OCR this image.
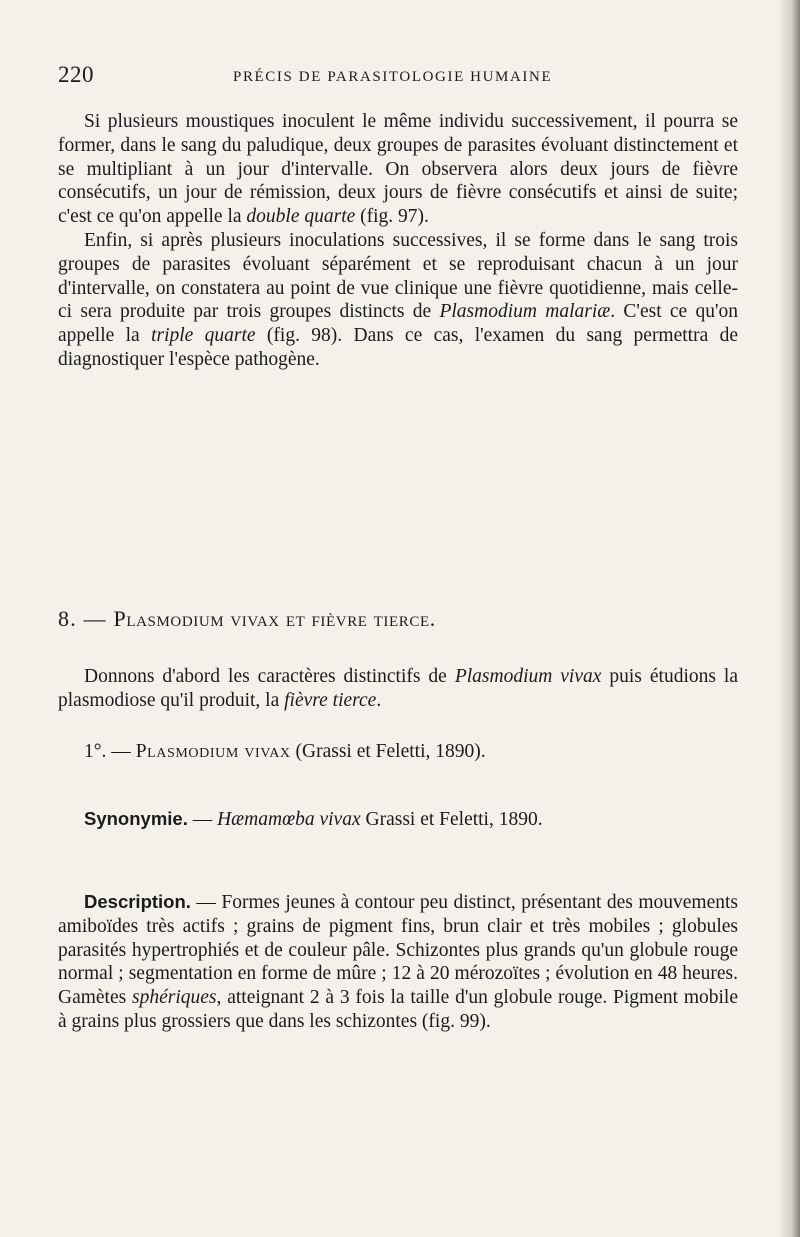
220	PRÉCIS DE PARASITOLOGIE HUMAINE

Si plusieurs moustiques inoculent le même individu successivement, il pourra se former, dans le sang du paludique, deux groupes de parasites évoluant distinctement et se multipliant à un jour d'intervalle. On observera alors deux jours de fièvre consécutifs, un jour de rémission, deux jours de fièvre consécutifs et ainsi de suite; c'est ce qu'on appelle la double quarte (fig. 97).

Enfin, si après plusieurs inoculations successives, il se forme dans le sang trois groupes de parasites évoluant séparément et se reproduisant chacun à un jour d'intervalle, on constatera au point de vue clinique une fièvre quotidienne, mais celle-ci sera produite par trois groupes distincts de Plasmodium malariæ. C'est ce qu'on appelle la triple quarte (fig. 98). Dans ce cas, l'examen du sang permettra de diagnostiquer l'espèce pathogène.

8. — Plasmodium vivax et fièvre tierce.

Donnons d'abord les caractères distinctifs de Plasmodium vivax puis étudions la plasmodiose qu'il produit, la fièvre tierce.

1°. — Plasmodium vivax (Grassi et Feletti, 1890).

Synonymie. — Hæmamœba vivax Grassi et Feletti, 1890.

Description. — Formes jeunes à contour peu distinct, présentant des mouvements amiboïdes très actifs ; grains de pigment fins, brun clair et très mobiles ; globules parasités hypertrophiés et de couleur pâle. Schizontes plus grands qu'un globule rouge normal ; segmentation en forme de mûre ; 12 à 20 mérozoïtes ; évolution en 48 heures. Gamètes sphériques, atteignant 2 à 3 fois la taille d'un globule rouge. Pigment mobile à grains plus grossiers que dans les schizontes (fig. 99).
